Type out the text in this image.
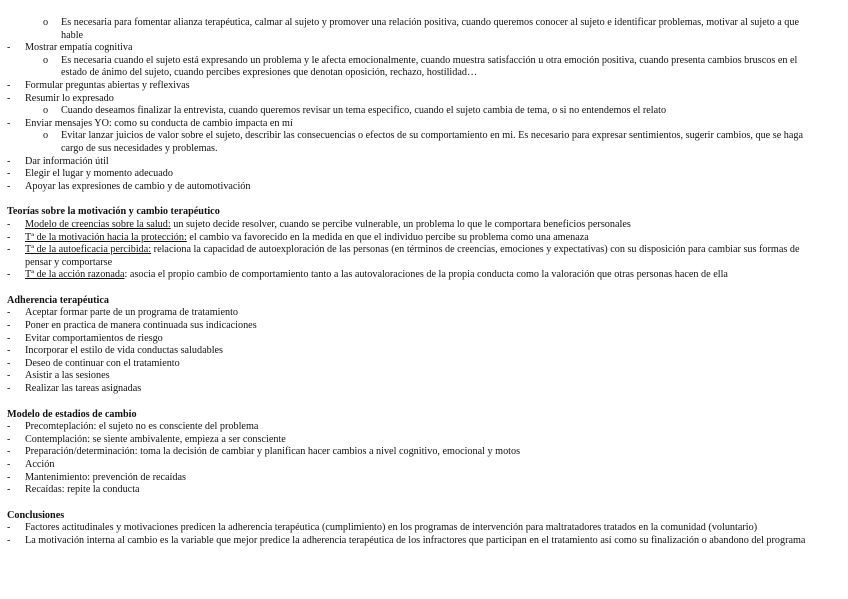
o Es necesaria para fomentar alianza terapéutica, calmar al sujeto y promover una relación positiva, cuando queremos conocer al sujeto e identificar problemas, motivar al sujeto a que hable
- Mostrar empatía cognitiva
o Es necesaria cuando el sujeto está expresando un problema y le afecta emocionalmente, cuando muestra satisfacción u otra emoción positiva, cuando presenta cambios bruscos en el estado de ánimo del sujeto, cuando percibes expresiones que denotan oposición, rechazo, hostilidad…
- Formular preguntas abiertas y reflexivas
- Resumir lo expresado
o Cuando deseamos finalizar la entrevista, cuando queremos revisar un tema especifico, cuando el sujeto cambia de tema, o si no entendemos el relato
- Enviar mensajes YO: como su conducta de cambio impacta en mí
o Evitar lanzar juicios de valor sobre el sujeto, describir las consecuencias o efectos de su comportamiento en mi. Es necesario para expresar sentimientos, sugerir cambios, que se haga cargo de sus necesidades y problemas.
- Dar información útil
- Elegir el lugar y momento adecuado
- Apoyar las expresiones de cambio y de automotivación
Teorías sobre la motivación y cambio terapéutico
- Modelo de creencias sobre la salud: un sujeto decide resolver, cuando se percibe vulnerable, un problema lo que le comportara beneficios personales
- Tª de la motivación hacia la protección: el cambio va favorecido en la medida en que el individuo percibe su problema como una amenaza
- Tª de la autoeficacia percibida: relaciona la capacidad de autoexploración de las personas (en términos de creencias, emociones y expectativas) con su disposición para cambiar sus formas de pensar y comportarse
- Tª de la acción razonada: asocia el propio cambio de comportamiento tanto a las autovaloraciones de la propia conducta como la valoración que otras personas hacen de ella
Adherencia terapéutica
- Aceptar formar parte de un programa de tratamiento
- Poner en practica de manera continuada sus indicaciones
- Evitar comportamientos de riesgo
- Incorporar el estilo de vida conductas saludables
- Deseo de continuar con el tratamiento
- Asistir a las sesiones
- Realizar las tareas asignadas
Modelo de estadios de cambio
- Precomteplación: el sujeto no es consciente del problema
- Contemplación: se siente ambivalente, empieza a ser consciente
- Preparación/determinación: toma la decisión de cambiar y planifican hacer cambios a nivel cognitivo, emocional y motos
- Acción
- Mantenimiento: prevención de recaídas
- Recaídas: repite la conducta
Conclusiones
- Factores actitudinales y motivaciones predicen la adherencia terapéutica (cumplimiento) en los programas de intervención para maltratadores tratados en la comunidad (voluntario)
- La motivación interna al cambio es la variable que mejor predice la adherencia terapéutica de los infractores que participan en el tratamiento así como su finalización o abandono del programa
